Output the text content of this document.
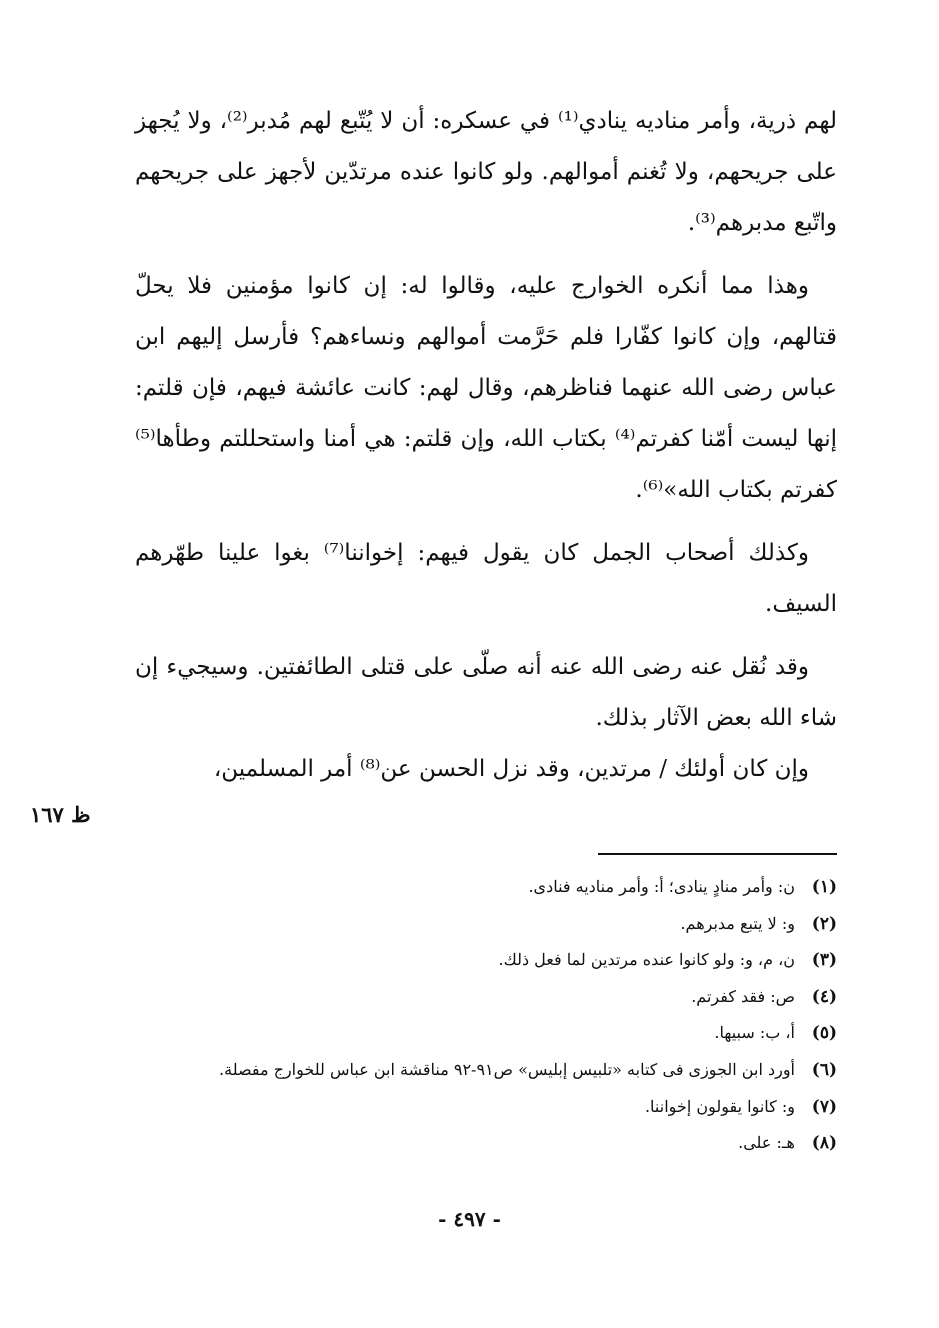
لهم ذرية، وأمر مناديه ينادي⁽¹⁾ في عسكره: أن لا يُتّبع لهم مُدبر⁽²⁾، ولا يُجهز على جريحهم، ولا تُغنم أموالهم. ولو كانوا عنده مرتدّين لأجهز على جريحهم واتّبع مدبرهم⁽³⁾.

وهذا مما أنكره الخوارج عليه، وقالوا له: إن كانوا مؤمنين فلا يحلّ قتالهم، وإن كانوا كفّارا فلم حَرَّمت أموالهم ونساءهم؟ فأرسل إليهم ابن عباس رضى الله عنهما فناظرهم، وقال لهم: كانت عائشة فيهم، فإن قلتم: إنها ليست أمّنا كفرتم⁽⁴⁾ بكتاب الله، وإن قلتم: هي أمنا واستحللتم وطأها⁽⁵⁾ كفرتم بكتاب الله»⁽⁶⁾.

وكذلك أصحاب الجمل كان يقول فيهم: إخواننا⁽⁷⁾ بغوا علينا طهّرهم السيف.

وقد نُقل عنه رضى الله عنه أنه صلّى على قتلى الطائفتين. وسيجيء إن شاء الله بعض الآثار بذلك.

وإن كان أولئك / مرتدين، وقد نزل الحسن عن⁽⁸⁾ أمر المسلمين،

ظ ١٦٧
(١)
ن: وأمر منادٍ ينادى؛ أ: وأمر مناديه فنادى.
(٢)
و: لا يتبع مدبرهم.
(٣)
ن، م، و: ولو كانوا عنده مرتدين لما فعل ذلك.
(٤)
ص: فقد كفرتم.
(٥)
أ، ب: سبيها.
(٦)
أورد ابن الجوزى فى كتابه «تلبيس إبليس» ص٩١-٩٢ مناقشة ابن عباس للخوارج مفصلة.
(٧)
و: كانوا يقولون إخواننا.
(٨)
هـ: على.
- ٤٩٧ -
